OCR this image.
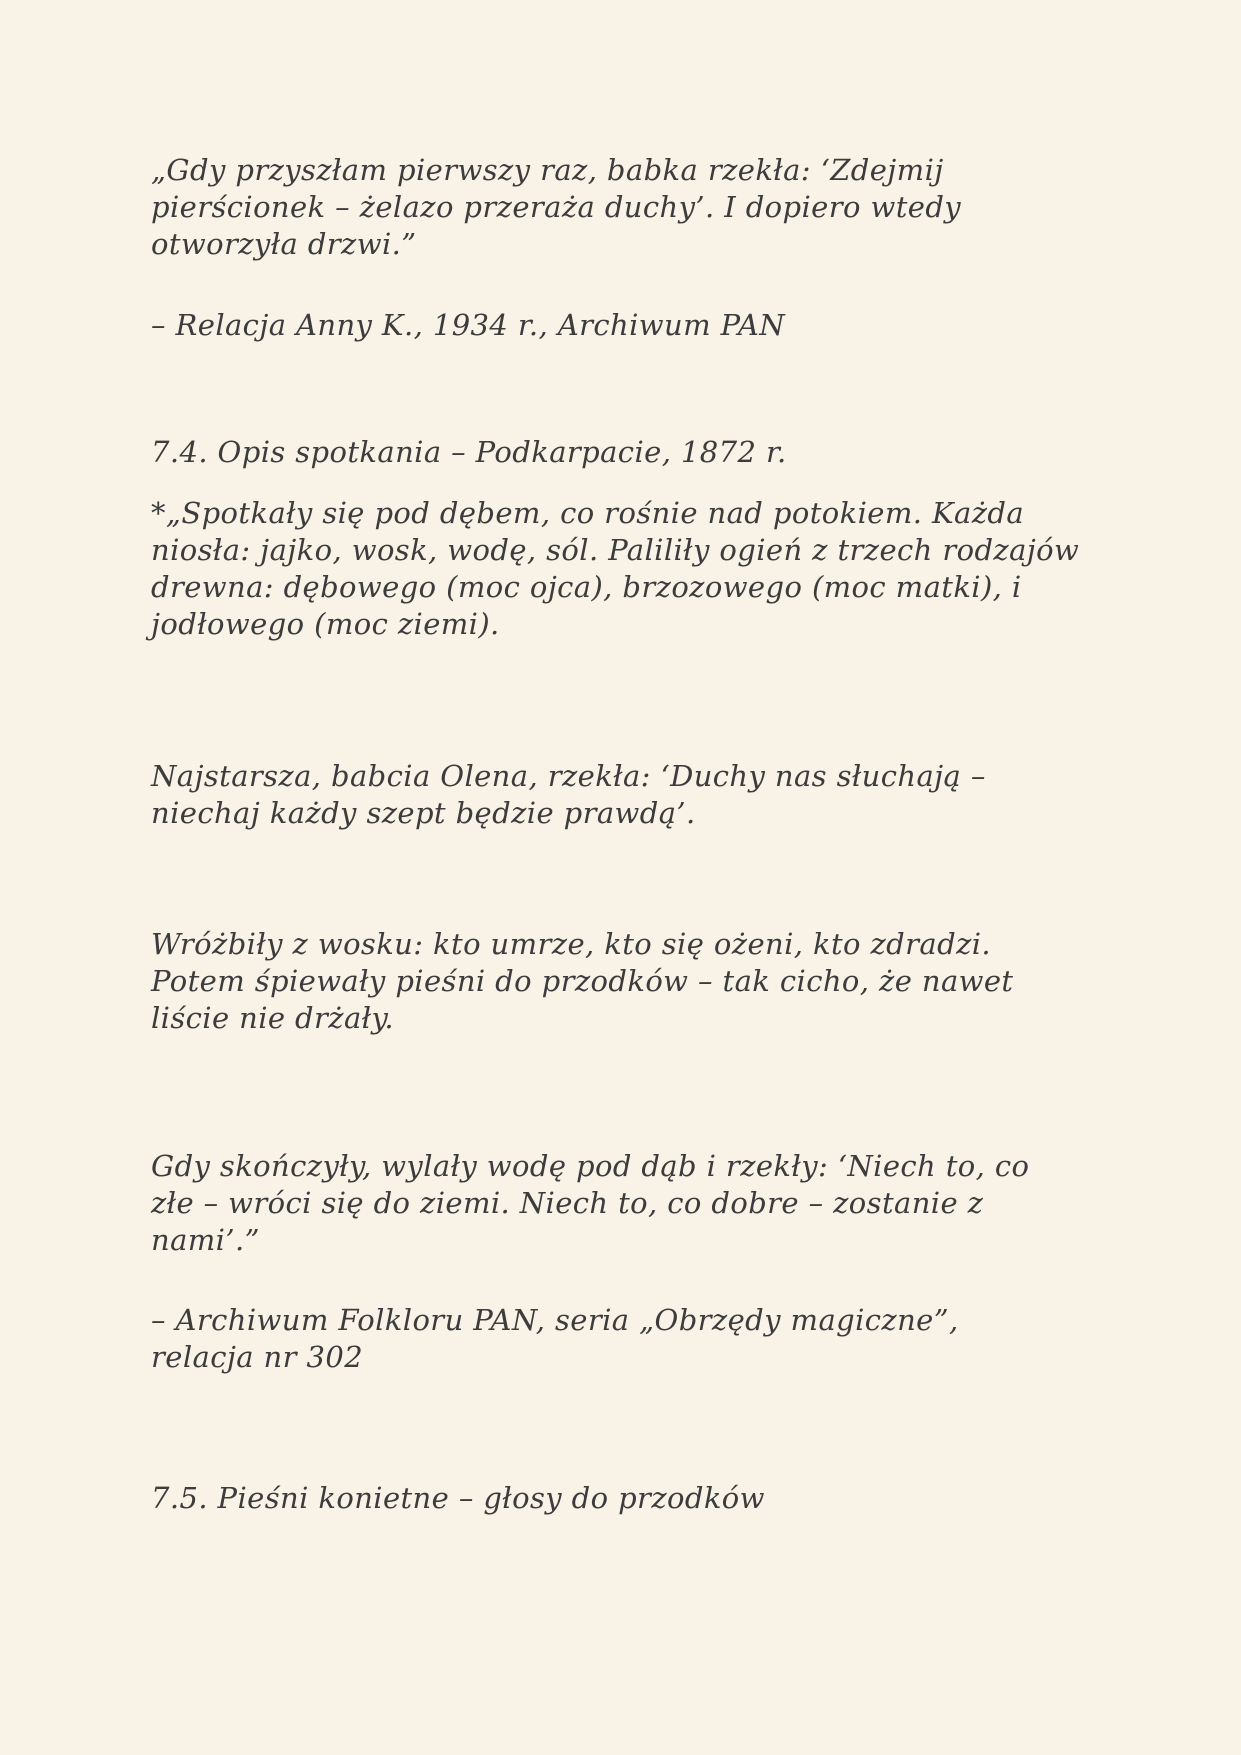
„Gdy przyszłam pierwszy raz, babka rzekła: ‘Zdejmij
pierścionek – żelazo przeraża duchy’. I dopiero wtedy
otworzyła drzwi.”
– Relacja Anny K., 1934 r., Archiwum PAN
7.4. Opis spotkania – Podkarpacie, 1872 r.
*„Spotkały się pod dębem, co rośnie nad potokiem. Każda
niosła: jajko, wosk, wodę, sól. Paliliły ogień z trzech rodzajów
drewna: dębowego (moc ojca), brzozowego (moc matki), i
jodłowego (moc ziemi).
Najstarsza, babcia Olena, rzekła: ‘Duchy nas słuchają –
niechaj każdy szept będzie prawdą’.
Wróżbiły z wosku: kto umrze, kto się ożeni, kto zdradzi.
Potem śpiewały pieśni do przodków – tak cicho, że nawet
liście nie drżały.
Gdy skończyły, wylały wodę pod dąb i rzekły: ‘Niech to, co
złe – wróci się do ziemi. Niech to, co dobre – zostanie z
nami’.”
– Archiwum Folkloru PAN, seria „Obrzędy magiczne”,
relacja nr 302
7.5. Pieśni konietne – głosy do przodków
